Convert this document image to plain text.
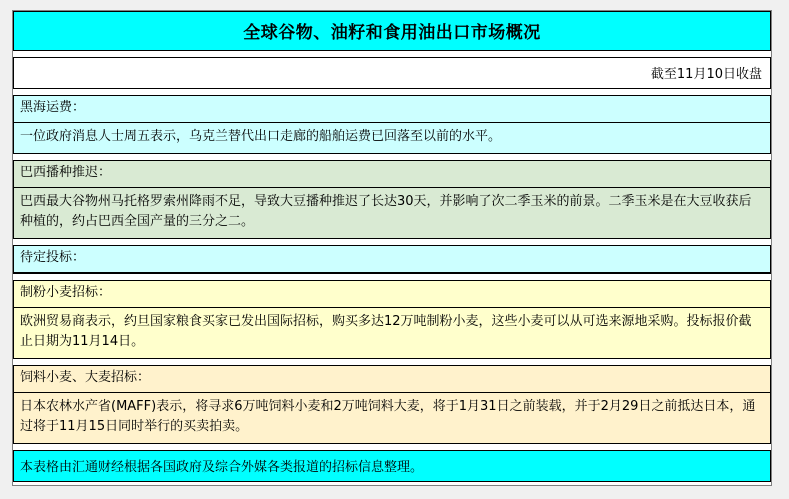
全球谷物、油籽和食用油出口市场概况
截至11月10日收盘
黑海运费：
一位政府消息人士周五表示，乌克兰替代出口走廊的船舶运费已回落至以前的水平。
巴西播种推迟：
巴西最大谷物州马托格罗索州降雨不足，导致大豆播种推迟了长达30天，并影响了次二季玉米的前景。二季玉米是在大豆收获后种植的，约占巴西全国产量的三分之二。
待定投标：
制粉小麦招标：
欧洲贸易商表示，约旦国家粮食买家已发出国际招标，购买多达12万吨制粉小麦，这些小麦可以从可选来源地采购。投标报价截止日期为11月14日。
饲料小麦、大麦招标：
日本农林水产省(MAFF)表示，将寻求6万吨饲料小麦和2万吨饲料大麦，将于1月31日之前装载，并于2月29日之前抵达日本，通过将于11月15日同时举行的买卖拍卖。
本表格由汇通财经根据各国政府及综合外媒各类报道的招标信息整理。
